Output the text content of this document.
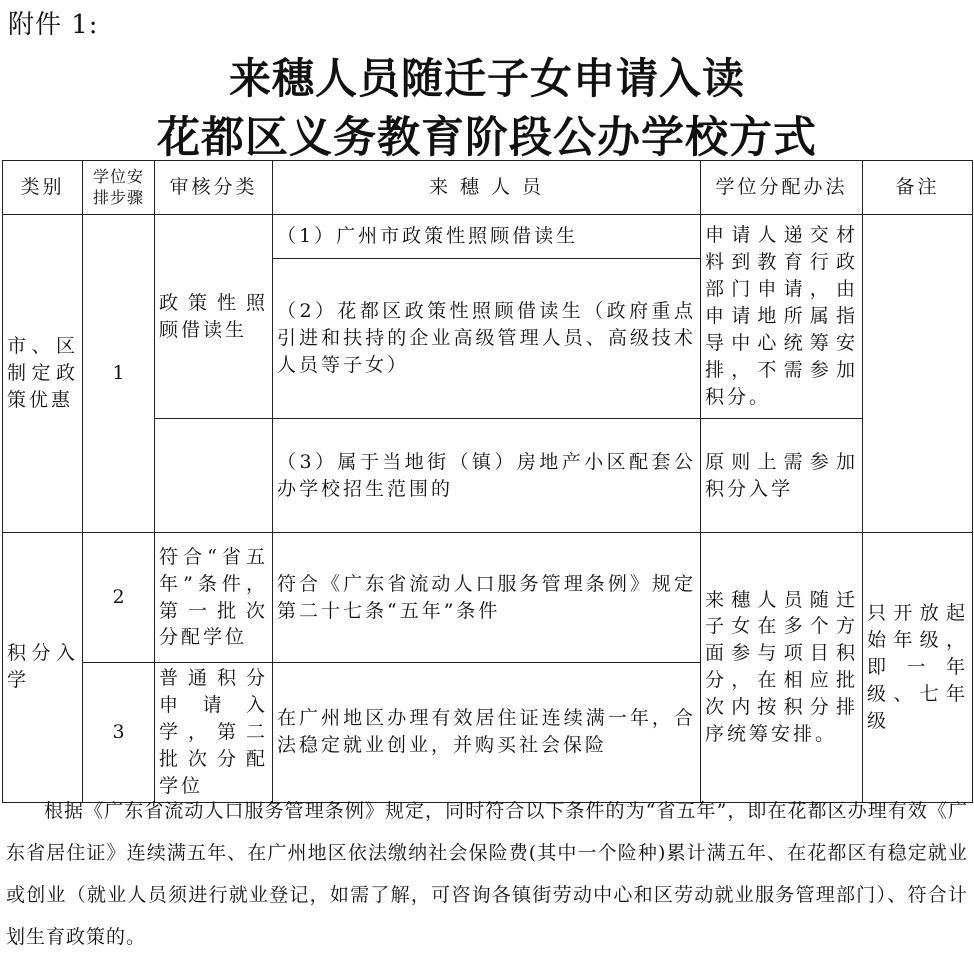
附件 1:
来穗人员随迁子女申请入读
花都区义务教育阶段公办学校方式
类别	学位安排步骤	审核分类	来 穗 人 员	学位分配办法	备注
市、区制定政策优惠	1	政策性照顾借读生	（1）广州市政策性照顾借读生	申请人递交材料到教育行政部门申请，由申请地所属指导中心统筹安排，不需参加积分。	
			（2）花都区政策性照顾借读生（政府重点引进和扶持的企业高级管理人员、高级技术人员等子女）		
			（3）属于当地街（镇）房地产小区配套公办学校招生范围的	原则上需参加积分入学	
积分入学	2	符合“省五年”条件，第一批次分配学位	符合《广东省流动人口服务管理条例》规定第二十七条“五年”条件	来穗人员随迁子女在多个方面参与项目积分，在相应批次内按积分排序统筹安排。	只开放起始年级，即一年级、七年级
	3	普通积分申请入学，第二批次分配学位	在广州地区办理有效居住证连续满一年，合法稳定就业创业，并购买社会保险		
根据《广东省流动人口服务管理条例》规定，同时符合以下条件的为“省五年”，即在花都区办理有效《广东省居住证》连续满五年、在广州地区依法缴纳社会保险费(其中一个险种)累计满五年、在花都区有稳定就业或创业（就业人员须进行就业登记，如需了解，可咨询各镇街劳动中心和区劳动就业服务管理部门）、符合计划生育政策的。
